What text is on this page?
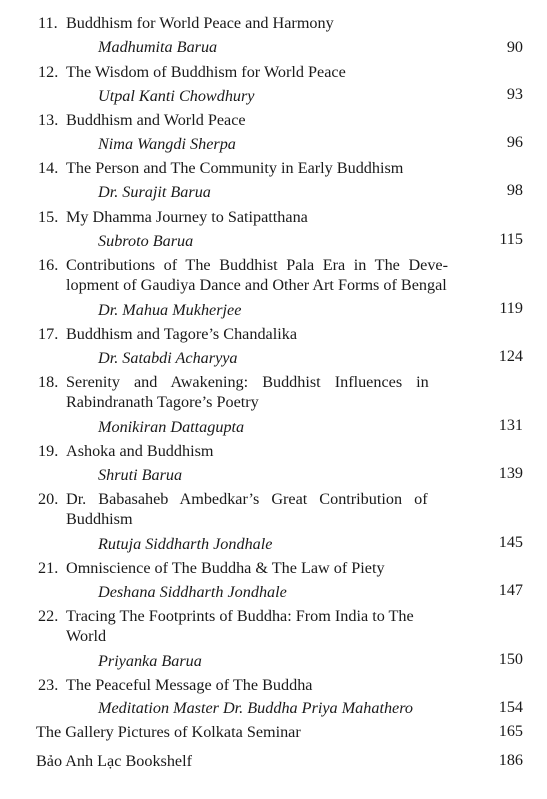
11. Buddhism for World Peace and Harmony
Madhumita Barua	90
12. The Wisdom of Buddhism for World Peace
Utpal Kanti Chowdhury	93
13. Buddhism and World Peace
Nima Wangdi Sherpa	96
14. The Person and The Community in Early Buddhism
Dr. Surajit Barua	98
15. My Dhamma Journey to Satipatthana
Subroto Barua	115
16. Contributions of The Buddhist Pala Era in The Deve-
lopment of Gaudiya Dance and Other Art Forms of Bengal
Dr. Mahua Mukherjee	119
17. Buddhism and Tagore’s Chandalika
Dr. Satabdi Acharyya	124
18. Serenity and Awakening: Buddhist Influences in
Rabindranath Tagore’s Poetry
Monikiran Dattagupta	131
19. Ashoka and Buddhism
Shruti Barua	139
20. Dr. Babasaheb Ambedkar’s Great Contribution of
Buddhism
Rutuja Siddharth Jondhale	145
21. Omniscience of The Buddha & The Law of Piety
Deshana Siddharth Jondhale	147
22. Tracing The Footprints of Buddha: From India to The
World
Priyanka Barua	150
23. The Peaceful Message of The Buddha
Meditation Master Dr. Buddha Priya Mahathero	154
The Gallery Pictures of Kolkata Seminar	165
Bảo Anh Lạc Bookshelf	186
